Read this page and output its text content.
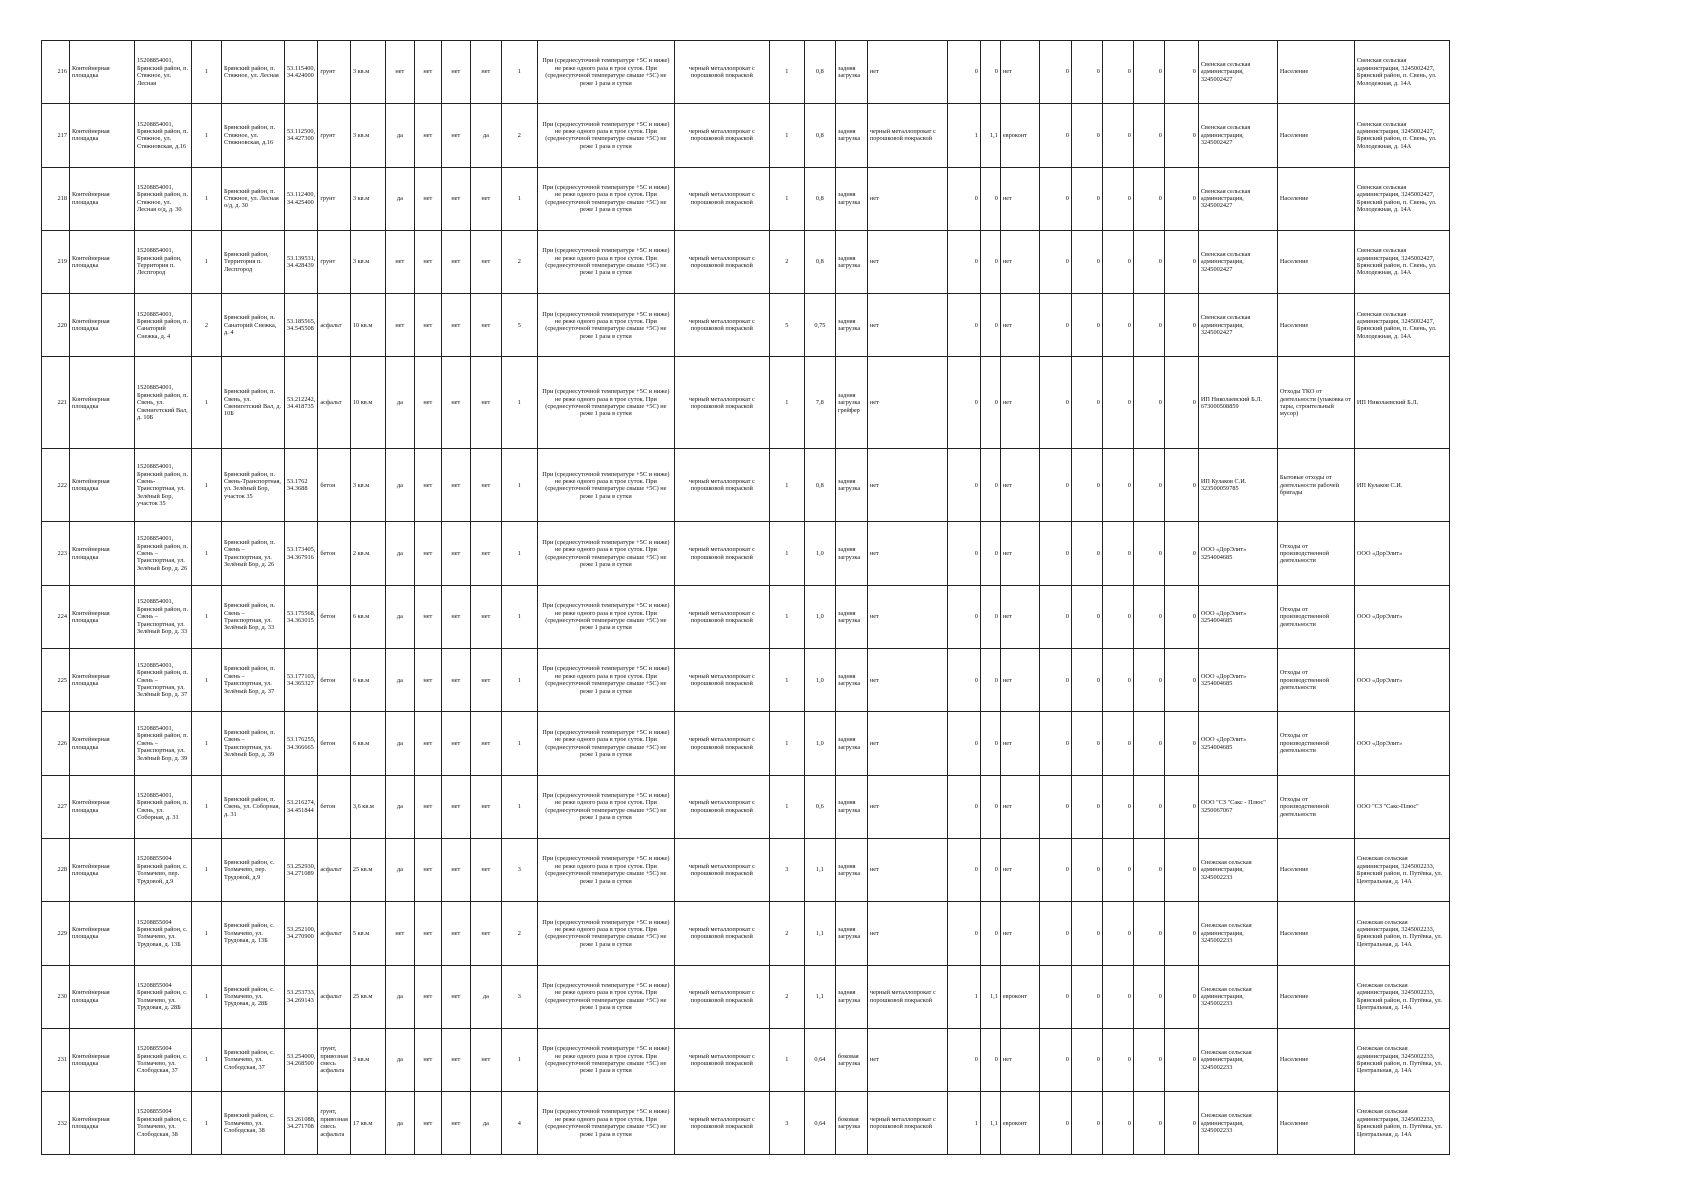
216	Контейнерная площадка	15208854001, Брянский район, п. Стяжное, ул. Лесная	1	Брянский район, п. Стяжное, ул. Лесная	53.115400, 34.424000	грунт	3 кв.м	нет	нет	нет	нет	1	При (среднесуточной температуре +5С и ниже) не реже одного раза в трое суток. При (среднесуточной температуре свыше +5С) не реже 1 раза в сутки	черный металлопрокат с порошковой покраской	1	0,8	задняя загрузка	нет	0	0	нет	0	0	0	0	0	Свенская сельская администрация, 3245002427	Население	Свенская сельская администрация, 3245002427, Брянский район, п. Свень, ул. Молодежная, д. 14А
217	Контейнерная площадка	15208854001, Брянский район, п. Стяжное, ул. Стяжновская, д.16	1	Брянский район, п. Стяжное, ул. Стяжновская, д.16	53.112500, 34.427300	грунт	3 кв.м	да	нет	нет	да	2	При (среднесуточной температуре +5С и ниже) не реже одного раза в трое суток. При (среднесуточной температуре свыше +5С) не реже 1 раза в сутки	черный металлопрокат с порошковой покраской	1	0,8	задняя загрузка	черный металлопрокат с порошковой покраской	1	1,1	евроконт	0	0	0	0	0	Свенская сельская администрация, 3245002427	Население	Свенская сельская администрация, 3245002427, Брянский район, п. Свень, ул. Молодежная, д. 14А
218	Контейнерная площадка	15208854001, Брянский район, п. Стяжное, ул. Лесная о/д, д. 30	1	Брянский район, п. Стяжное, ул. Лесная о/д, д. 30	53.112400, 34.425400	грунт	3 кв.м	да	нет	нет	нет	1	При (среднесуточной температуре +5С и ниже) не реже одного раза в трое суток. При (среднесуточной температуре свыше +5С) не реже 1 раза в сутки	черный металлопрокат с порошковой покраской	1	0,8	задняя загрузка	нет	0	0	нет	0	0	0	0	0	Свенская сельская администрация, 3245002427	Население	Свенская сельская администрация, 3245002427, Брянский район, п. Свень, ул. Молодежная, д. 14А
219	Контейнерная площадка	15208854001, Брянский район, Территория п. Леспгород	1	Брянский район, Территория п. Леспгород	53.139531, 34.428439	грунт	3 кв.м	нет	нет	нет	нет	2	При (среднесуточной температуре +5С и ниже) не реже одного раза в трое суток. При (среднесуточной температуре свыше +5С) не реже 1 раза в сутки	черный металлопрокат с порошковой покраской	2	0,8	задняя загрузка	нет	0	0	нет	0	0	0	0	0	Свенская сельская администрация, 3245002427	Население	Свенская сельская администрация, 3245002427, Брянский район, п. Свень, ул. Молодежная, д. 14А
220	Контейнерная площадка	15208854001, Брянский район, п. Санаторий Снежка, д. 4	2	Брянский район, п. Санаторий Снежка, д. 4	53.185565, 34.545508	асфальт	10 кв.м	нет	нет	нет	нет	5	При (среднесуточной температуре +5С и ниже) не реже одного раза в трое суток. При (среднесуточной температуре свыше +5С) не реже 1 раза в сутки	черный металлопрокат с порошковой покраской	5	0,75	задняя загрузка	нет	0	0	нет	0	0	0	0	0	Свенская сельская администрация, 3245002427	Население	Свенская сельская администрация, 3245002427, Брянский район, п. Свень, ул. Молодежная, д. 14А
221	Контейнерная площадка	15208854001, Брянский район, п. Свень, ул. Свенигетский Вал, д. 10Б	1	Брянский район, п. Свень, ул. Свенигетский Вал, д. 10Б	53.212242, 34.418735	асфальт	10 кв.м	да	нет	нет	нет	1	При (среднесуточной температуре +5С и ниже) не реже одного раза в трое суток. При (среднесуточной температуре свыше +5С) не реже 1 раза в сутки	черный металлопрокат с порошковой покраской	1	7,8	задняя загрузка грейфер	нет	0	0	нет	0	0	0	0	0	ИП Николаевский Б.Л. 673000508859	Отходы ТКО от деятельности (упаковка от тары, строительный мусор)	ИП Николаевский Б.Л.
222	Контейнерная площадка	15208854001, Брянский район, п. Свень-Транспортная, ул. Зелёный Бор, участок 35	1	Брянский район, п. Свень-Транспортная, ул. Зелёный Бор, участок 35	53.1762 34.3688	бетон	3 кв.м	да	нет	нет	нет	1	При (среднесуточной температуре +5С и ниже) не реже одного раза в трое суток. При (среднесуточной температуре свыше +5С) не реже 1 раза в сутки	черный металлопрокат с порошковой покраской	1	0,8	задняя загрузка	нет	0	0	нет	0	0	0	0	0	ИП Кулаков С.И. 323500059785	Бытовые отходы от деятельности рабочей бригады	ИП Кулаков С.И.
223	Контейнерная площадка	15208854001, Брянский район, п. Свень – Транспортная, ул. Зелёный Бор, д. 26	1	Брянский район, п. Свень – Транспортная, ул. Зелёный Бор, д. 26	53.173405, 34.367916	бетон	2 кв.м	да	нет	нет	нет	1	При (среднесуточной температуре +5С и ниже) не реже одного раза в трое суток. При (среднесуточной температуре свыше +5С) не реже 1 раза в сутки	черный металлопрокат с порошковой покраской	1	1,0	задняя загрузка	нет	0	0	нет	0	0	0	0	0	ООО «ДорЭлит» 3254004685	Отходы от производственной деятельности	ООО «ДорЭлит»
224	Контейнерная площадка	15208854001, Брянский район, п. Свень – Транспортная, ул. Зелёный Бор, д. 33	1	Брянский район, п. Свень – Транспортная, ул. Зелёный Бор, д. 33	53.175568, 34.363015	бетон	6 кв.м	да	нет	нет	нет	1	При (среднесуточной температуре +5С и ниже) не реже одного раза в трое суток. При (среднесуточной температуре свыше +5С) не реже 1 раза в сутки	черный металлопрокат с порошковой покраской	1	1,0	задняя загрузка	нет	0	0	нет	0	0	0	0	0	ООО «ДорЭлит» 3254004685	Отходы от производственной деятельности	ООО «ДорЭлит»
225	Контейнерная площадка	15208854001, Брянский район, п. Свень – Транспортная, ул. Зелёный Бор, д. 37	1	Брянский район, п. Свень – Транспортная, ул. Зелёный Бор, д. 37	53.177103, 34.365327	бетон	6 кв.м	да	нет	нет	нет	1	При (среднесуточной температуре +5С и ниже) не реже одного раза в трое суток. При (среднесуточной температуре свыше +5С) не реже 1 раза в сутки	черный металлопрокат с порошковой покраской	1	1,0	задняя загрузка	нет	0	0	нет	0	0	0	0	0	ООО «ДорЭлит» 3254004685	Отходы от производственной деятельности	ООО «ДорЭлит»
226	Контейнерная площадка	15208854001, Брянский район, п. Свень – Транспортная, ул. Зелёный Бор, д. 39	1	Брянский район, п. Свень – Транспортная, ул. Зелёный Бор, д. 39	53.176255, 34.366665	бетон	6 кв.м	да	нет	нет	нет	1	При (среднесуточной температуре +5С и ниже) не реже одного раза в трое суток. При (среднесуточной температуре свыше +5С) не реже 1 раза в сутки	черный металлопрокат с порошковой покраской	1	1,0	задняя загрузка	нет	0	0	нет	0	0	0	0	0	ООО «ДорЭлит» 3254004685	Отходы от производственной деятельности	ООО «ДорЭлит»
227	Контейнерная площадка	15208854001, Брянский район, п. Свень, ул. Соборная, д. 31	1	Брянский район, п. Свень, ул. Соборная, д. 31	53.216274, 34.451844	бетон	3,6 кв.м	да	нет	нет	нет	1	При (среднесуточной температуре +5С и ниже) не реже одного раза в трое суток. При (среднесуточной температуре свыше +5С) не реже 1 раза в сутки	черный металлопрокат с порошковой покраской	1	0,6	задняя загрузка	нет	0	0	нет	0	0	0	0	0	ООО "СЗ "Сакс - Плюс" 3250067067	Отходы от производственной деятельности	ООО "СЗ "Сакс-Плюс"
228	Контейнерная площадка	15208855004 Брянский район, с. Толмачево, пер. Трудовой, д.9	1	Брянский район, с. Толмачево, пер. Трудовой, д.9	53.252930, 34.271089	асфальт	25 кв.м	да	нет	нет	нет	3	При (среднесуточной температуре +5С и ниже) не реже одного раза в трое суток. При (среднесуточной температуре свыше +5С) не реже 1 раза в сутки	черный металлопрокат с порошковой покраской	3	1,1	задняя загрузка	нет	0	0	нет	0	0	0	0	0	Снежская сельская администрация, 3245002233	Население	Снежская сельская администрация, 3245002233, Брянский район, п. Путёвка, ул. Центральная, д. 14А
229	Контейнерная площадка	15208855004 Брянский район, с. Толмачево, ул. Трудовая, д. 13Б	1	Брянский район, с. Толмачево, ул. Трудовая, д. 13Б	53.252100, 34.270900	асфальт	5 кв.м	нет	нет	нет	нет	2	При (среднесуточной температуре +5С и ниже) не реже одного раза в трое суток. При (среднесуточной температуре свыше +5С) не реже 1 раза в сутки	черный металлопрокат с порошковой покраской	2	1,1	задняя загрузка	нет	0	0	нет	0	0	0	0	0	Снежская сельская администрация, 3245002233	Население	Снежская сельская администрация, 3245002233, Брянский район, п. Путёвка, ул. Центральная, д. 14А
230	Контейнерная площадка	15208855004 Брянский район, с. Толмачево, ул. Трудовая, д. 28Б	1	Брянский район, с. Толмачево, ул. Трудовая, д. 28Б	53.253733, 34.269143	асфальт	25 кв.м	да	нет	нет	да	3	При (среднесуточной температуре +5С и ниже) не реже одного раза в трое суток. При (среднесуточной температуре свыше +5С) не реже 1 раза в сутки	черный металлопрокат с порошковой покраской	2	1,1	задняя загрузка	черный металлопрокат с порошковой покраской	1	1,1	евроконт	0	0	0	0	0	Снежская сельская администрация, 3245002233	Население	Снежская сельская администрация, 3245002233, Брянский район, п. Путёвка, ул. Центральная, д. 14А
231	Контейнерная площадка	15208855004 Брянский район, с. Толмачево, ул. Слободская, 37	1	Брянский район, с. Толмачево, ул. Слободская, 37	53.254000, 34.268500	грунт, привозная смесь асфальта	3 кв.м	да	нет	нет	нет	1	При (среднесуточной температуре +5С и ниже) не реже одного раза в трое суток. При (среднесуточной температуре свыше +5С) не реже 1 раза в сутки	черный металлопрокат с порошковой покраской	1	0,64	боковая загрузка	нет	0	0	нет	0	0	0	0	0	Снежская сельская администрация, 3245002233	Население	Снежская сельская администрация, 3245002233, Брянский район, п. Путёвка, ул. Центральная, д. 14А
232	Контейнерная площадка	15208855004 Брянский район, с. Толмачево, ул. Слободская, 38	1	Брянский район, с. Толмачево, ул. Слободская, 38	53.261088, 34.271708	грунт, привозная смесь асфальта	17 кв.м	да	нет	нет	да	4	При (среднесуточной температуре +5С и ниже) не реже одного раза в трое суток. При (среднесуточной температуре свыше +5С) не реже 1 раза в сутки	черный металлопрокат с порошковой покраской	3	0,64	боковая загрузка	черный металлопрокат с порошковой покраской	1	1,1	евроконт	0	0	0	0	0	Снежская сельская администрация, 3245002233	Население	Снежская сельская администрация, 3245002233, Брянский район, п. Путёвка, ул. Центральная, д. 14А
